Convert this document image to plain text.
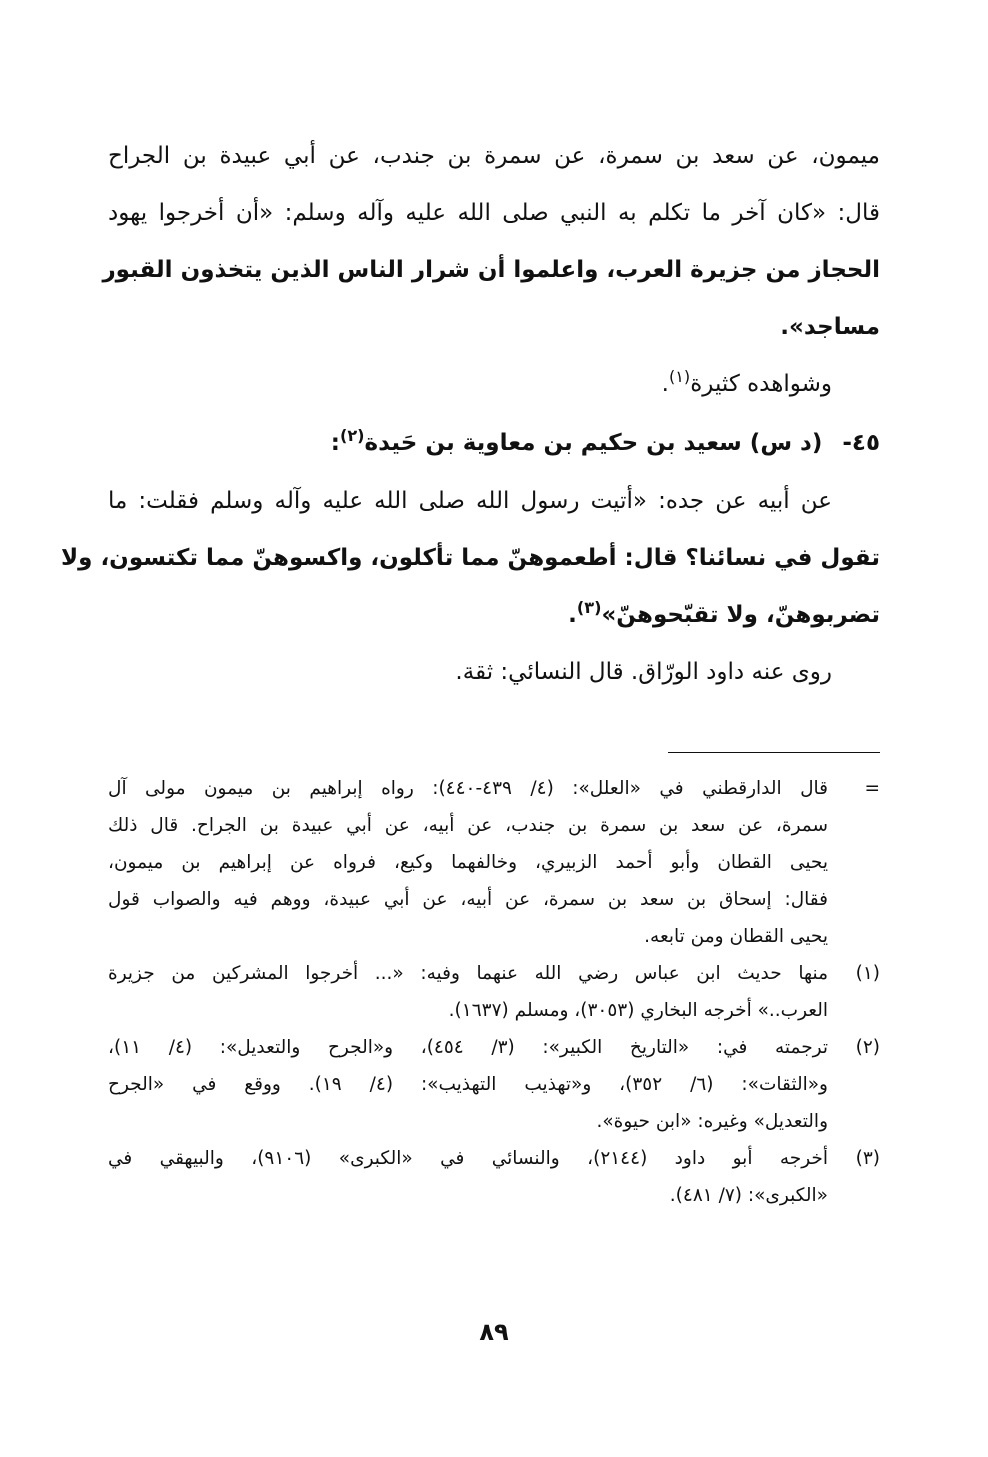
ميمون، عن سعد بن سمرة، عن سمرة بن جندب، عن أبي عبيدة بن الجراح
قال: «كان آخر ما تكلم به النبي صلى الله عليه وآله وسلم: «أن أخرجوا يهود
الحجاز من جزيرة العرب، واعلموا أن شرار الناس الذين يتخذون القبور
مساجد».
وشواهده كثيرة$^{(١)}$.
٤٥-(د س) سعيد بن حكيم بن معاوية بن حَيدة$^{(٢)}$:
عن أبيه عن جده: «أتيت رسول الله صلى الله عليه وآله وسلم فقلت: ما
تقول في نسائنا؟ قال: أطعموهنّ مما تأكلون، واكسوهنّ مما تكتسون، ولا
تضربوهنّ، ولا تقبّحوهنّ»$^{(٣)}$.
روى عنه داود الورّاق. قال النسائي: ثقة.
=
قال الدارقطني في «العلل»: (٤/ ٤٣٩-٤٤٠): رواه إبراهيم بن ميمون مولى آل
سمرة، عن سعد بن سمرة بن جندب، عن أبيه، عن أبي عبيدة بن الجراح. قال ذلك
يحيى القطان وأبو أحمد الزبيري، وخالفهما وكيع، فرواه عن إبراهيم بن ميمون،
فقال: إسحاق بن سعد بن سمرة، عن أبيه، عن أبي عبيدة، ووهم فيه والصواب قول
يحيى القطان ومن تابعه.
(١)
منها حديث ابن عباس رضي الله عنهما وفيه: «... أخرجوا المشركين من جزيرة
العرب..» أخرجه البخاري (٣٠٥٣)، ومسلم (١٦٣٧).
(٢)
ترجمته في: «التاريخ الكبير»: (٣/ ٤٥٤)، و«الجرح والتعديل»: (٤/ ١١)،
و«الثقات»: (٦/ ٣٥٢)، و«تهذيب التهذيب»: (٤/ ١٩). ووقع في «الجرح
والتعديل» وغيره: «ابن حيوة».
(٣)
أخرجه أبو داود (٢١٤٤)، والنسائي في «الكبرى» (٩١٠٦)، والبيهقي في
«الكبرى»: (٧/ ٤٨١).
٨٩
